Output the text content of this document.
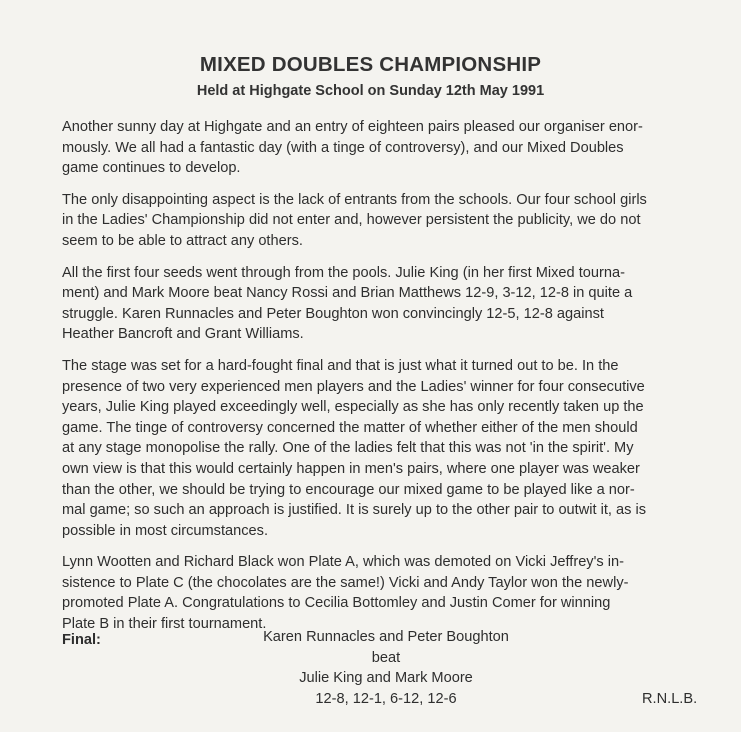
MIXED DOUBLES CHAMPIONSHIP
Held at Highgate School on Sunday 12th May 1991

Another sunny day at Highgate and an entry of eighteen pairs pleased our organiser enor-
mously. We all had a fantastic day (with a tinge of controversy), and our Mixed Doubles
game continues to develop.

The only disappointing aspect is the lack of entrants from the schools. Our four school girls
in the Ladies' Championship did not enter and, however persistent the publicity, we do not
seem to be able to attract any others.

All the first four seeds went through from the pools. Julie King (in her first Mixed tourna-
ment) and Mark Moore beat Nancy Rossi and Brian Matthews 12-9, 3-12, 12-8 in quite a
struggle. Karen Runnacles and Peter Boughton won convincingly 12-5, 12-8 against
Heather Bancroft and Grant Williams.

The stage was set for a hard-fought final and that is just what it turned out to be. In the
presence of two very experienced men players and the Ladies' winner for four consecutive
years, Julie King played exceedingly well, especially as she has only recently taken up the
game. The tinge of controversy concerned the matter of whether either of the men should
at any stage monopolise the rally. One of the ladies felt that this was not 'in the spirit'. My
own view is that this would certainly happen in men's pairs, where one player was weaker
than the other, we should be trying to encourage our mixed game to be played like a nor-
mal game; so such an approach is justified. It is surely up to the other pair to outwit it, as is
possible in most circumstances.

Lynn Wootten and Richard Black won Plate A, which was demoted on Vicki Jeffrey's in-
sistence to Plate C (the chocolates are the same!) Vicki and Andy Taylor won the newly-
promoted Plate A. Congratulations to Cecilia Bottomley and Justin Comer for winning
Plate B in their first tournament.

Final:	Karen Runnacles and Peter Boughton
beat
Julie King and Mark Moore
12-8, 12-1, 6-12, 12-6	R.N.L.B.
